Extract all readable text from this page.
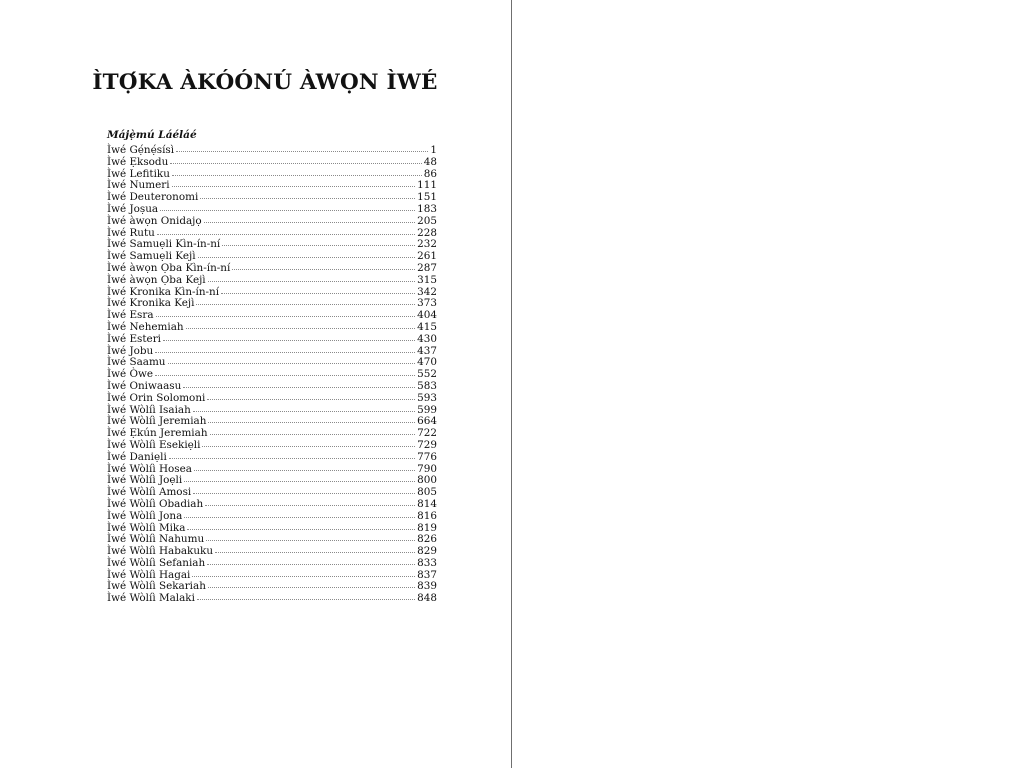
ÌTỌ́KA ÀKÓÓNÚ ÀWỌN ÌWÉ
Májẹ̀mú Láéláé
Ìwé Gẹ́nẹ́sísì	1
Ìwé Ẹksodu	48
Ìwé Lefitiku	86
Ìwé Numeri	111
Ìwé Deuteronomi	151
Ìwé Joṣua	183
Ìwé àwọn Onidajọ	205
Ìwé Rutu	228
Ìwé Samuẹli Kìn-ín-ní	232
Ìwé Samuẹli Kejì	261
Ìwé àwọn Ọba Kìn-ín-ní	287
Ìwé àwọn Ọba Kejì	315
Ìwé Kronika Kìn-ín-ní	342
Ìwé Kronika Kejì	373
Ìwé Esra	404
Ìwé Nehemiah	415
Ìwé Esteri	430
Ìwé Jobu	437
Ìwé Saamu	470
Ìwé Òwe	552
Ìwé Oniwaasu	583
Ìwé Orin Solomoni	593
Ìwé Wòlíì Isaiah	599
Ìwé Wòlíì Jeremiah	664
Ìwé Ẹkún Jeremiah	722
Ìwé Wòlíì Esekiẹli	729
Ìwé Daniẹli	776
Ìwé Wòlíì Hosea	790
Ìwé Wòlíì Joẹli	800
Ìwé Wòlíì Amosi	805
Ìwé Wòlíì Obadiah	814
Ìwé Wòlíì Jona	816
Ìwé Wòlíì Mika	819
Ìwé Wòlíì Nahumu	826
Ìwé Wòlíì Habakuku	829
Ìwé Wòlíì Sefaniah	833
Ìwé Wòlíì Hagai	837
Ìwé Wòlíì Sekariah	839
Ìwé Wòlíì Malaki	848
